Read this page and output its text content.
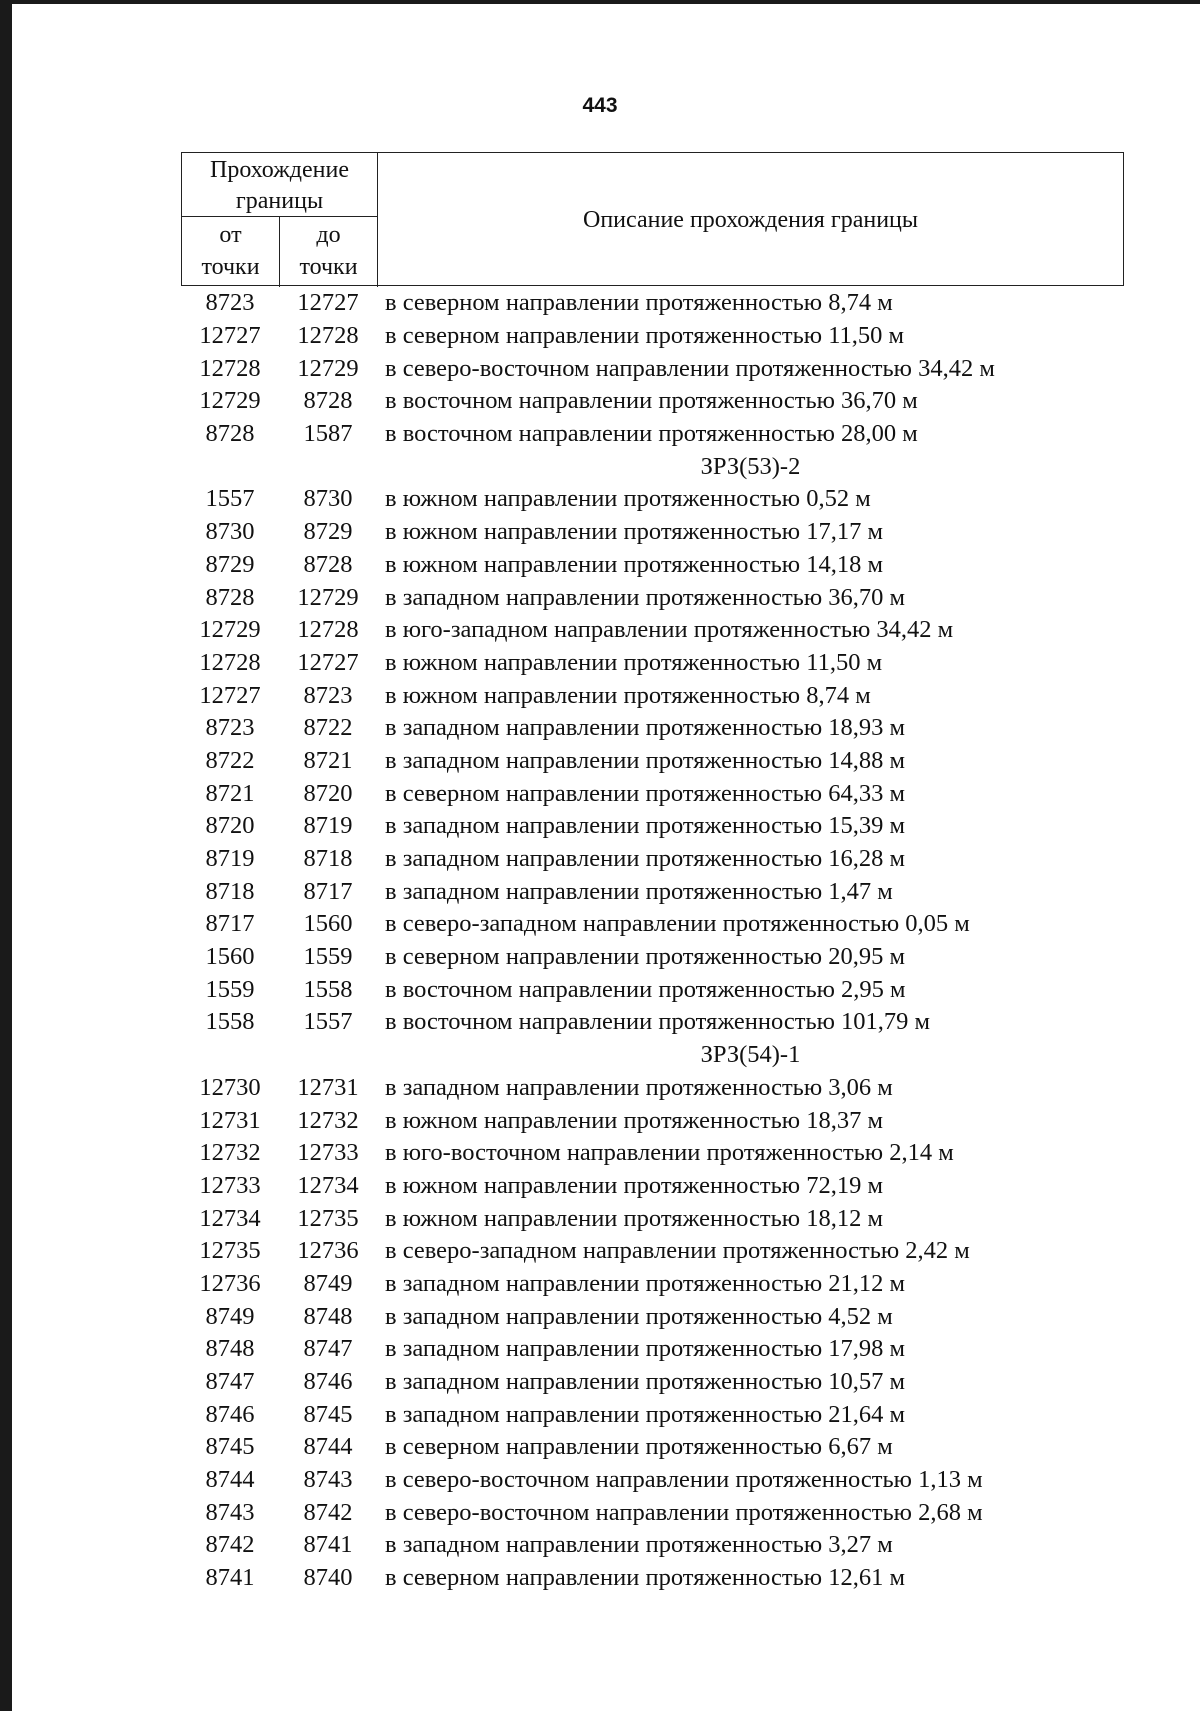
443
Прохождение
границы
от
точки
до
точки
Описание прохождения границы
8723	12727	в северном направлении протяженностью 8,74 м
12727	12728	в северном направлении протяженностью 11,50 м
12728	12729	в северо-восточном направлении протяженностью 34,42 м
12729	8728	в восточном направлении протяженностью 36,70 м
8728	1587	в восточном направлении протяженностью 28,00 м
ЗРЗ(53)-2
1557	8730	в южном направлении протяженностью 0,52 м
8730	8729	в южном направлении протяженностью 17,17 м
8729	8728	в южном направлении протяженностью 14,18 м
8728	12729	в западном направлении протяженностью 36,70 м
12729	12728	в юго-западном направлении протяженностью 34,42 м
12728	12727	в южном направлении протяженностью 11,50 м
12727	8723	в южном направлении протяженностью 8,74 м
8723	8722	в западном направлении протяженностью 18,93 м
8722	8721	в западном направлении протяженностью 14,88 м
8721	8720	в северном направлении протяженностью 64,33 м
8720	8719	в западном направлении протяженностью 15,39 м
8719	8718	в западном направлении протяженностью 16,28 м
8718	8717	в западном направлении протяженностью 1,47 м
8717	1560	в северо-западном направлении протяженностью 0,05 м
1560	1559	в северном направлении протяженностью 20,95 м
1559	1558	в восточном направлении протяженностью 2,95 м
1558	1557	в восточном направлении протяженностью 101,79 м
ЗРЗ(54)-1
12730	12731	в западном направлении протяженностью 3,06 м
12731	12732	в южном направлении протяженностью 18,37 м
12732	12733	в юго-восточном направлении протяженностью 2,14 м
12733	12734	в южном направлении протяженностью 72,19 м
12734	12735	в южном направлении протяженностью 18,12 м
12735	12736	в северо-западном направлении протяженностью 2,42 м
12736	8749	в западном направлении протяженностью 21,12 м
8749	8748	в западном направлении протяженностью 4,52 м
8748	8747	в западном направлении протяженностью 17,98 м
8747	8746	в западном направлении протяженностью 10,57 м
8746	8745	в западном направлении протяженностью 21,64 м
8745	8744	в северном направлении протяженностью 6,67 м
8744	8743	в северо-восточном направлении протяженностью 1,13 м
8743	8742	в северо-восточном направлении протяженностью 2,68 м
8742	8741	в западном направлении протяженностью 3,27 м
8741	8740	в северном направлении протяженностью 12,61 м
